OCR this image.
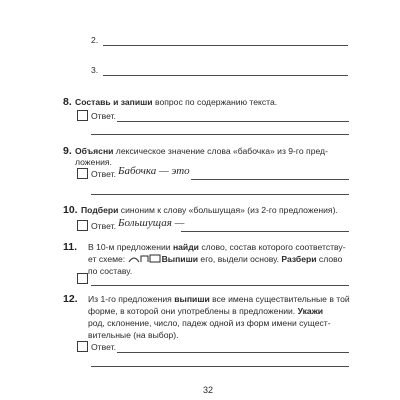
2.
3.
8. Составь и запиши вопрос по содержанию текста.
Ответ.
9. Объясни лексическое значение слова «бабочка» из 9-го пред-
ложения.
Ответ. Бабочка — это
10. Подбери синоним к слову «большущая» (из 2-го предложения).
Ответ. Большущая —
11. В 10-м предложении найди слово, состав которого соответству-
ет схеме:	Выпиши его, выдели основу. Разбери слово
по составу.
12. Из 1-го предложения выпиши все имена существительные в той
форме, в которой они употреблены в предложении. Укажи
род, склонение, число, падеж одной из форм имени сущест-
вительные (на выбор).
Ответ.
32
